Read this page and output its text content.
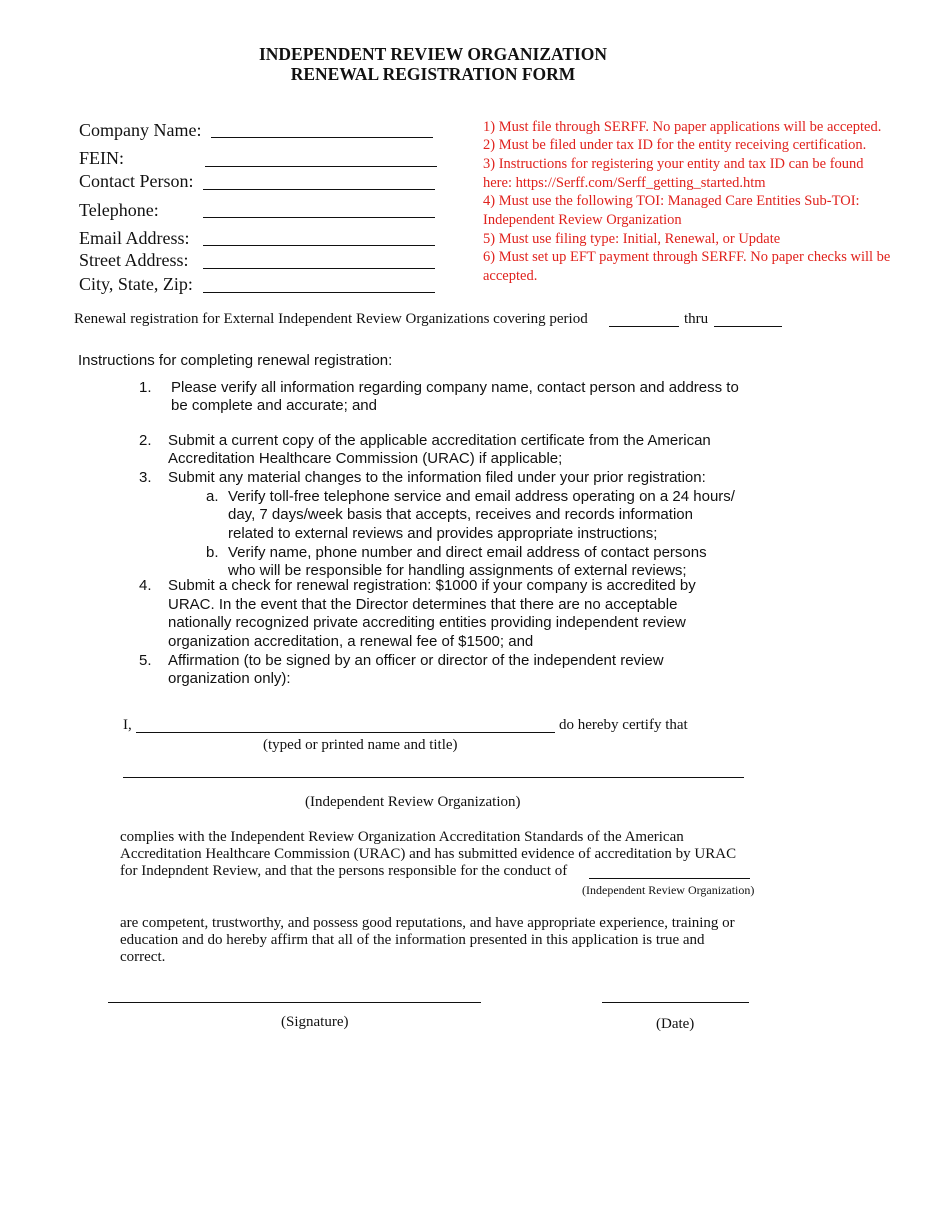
INDEPENDENT REVIEW ORGANIZATION
RENEWAL REGISTRATION FORM
Company Name:
FEIN:
Contact Person:
Telephone:
Email Address:
Street Address:
City, State, Zip:
1) Must file through SERFF. No paper applications will be accepted.
2) Must be filed under tax ID for the entity receiving certification.
3) Instructions for registering your entity and tax ID can be found
here: https://Serff.com/Serff_getting_started.htm
4) Must use the following TOI: Managed Care Entities Sub-TOI:
Independent Review Organization
5) Must use filing type: Initial, Renewal, or Update
6) Must set up EFT payment through SERFF. No paper checks will be
accepted.
Renewal registration for External Independent Review Organizations covering period	thru
Instructions for completing renewal registration:
1. Please verify all information regarding company name, contact person and address to
be complete and accurate; and
2. Submit a current copy of the applicable accreditation certificate from the American
Accreditation Healthcare Commission (URAC) if applicable;
3. Submit any material changes to the information filed under your prior registration:
a. Verify toll-free telephone service and email address operating on a 24 hours/
day, 7 days/week basis that accepts, receives and records information
related to external reviews and provides appropriate instructions;
b. Verify name, phone number and direct email address of contact persons
who will be responsible for handling assignments of external reviews;
4. Submit a check for renewal registration: $1000 if your company is accredited by
URAC. In the event that the Director determines that there are no acceptable
nationally recognized private accrediting entities providing independent review
organization accreditation, a renewal fee of $1500; and
5. Affirmation (to be signed by an officer or director of the independent review
organization only):
I,	do hereby certify that
(typed or printed name and title)
(Independent Review Organization)
complies with the Independent Review Organization Accreditation Standards of the American
Accreditation Healthcare Commission (URAC) and has submitted evidence of accreditation by URAC
for Indepndent Review, and that the persons responsible for the conduct of
(Independent Review Organization)
are competent, trustworthy, and possess good reputations, and have appropriate experience, training or
education and do hereby affirm that all of the information presented in this application is true and
correct.
(Signature)	(Date)
